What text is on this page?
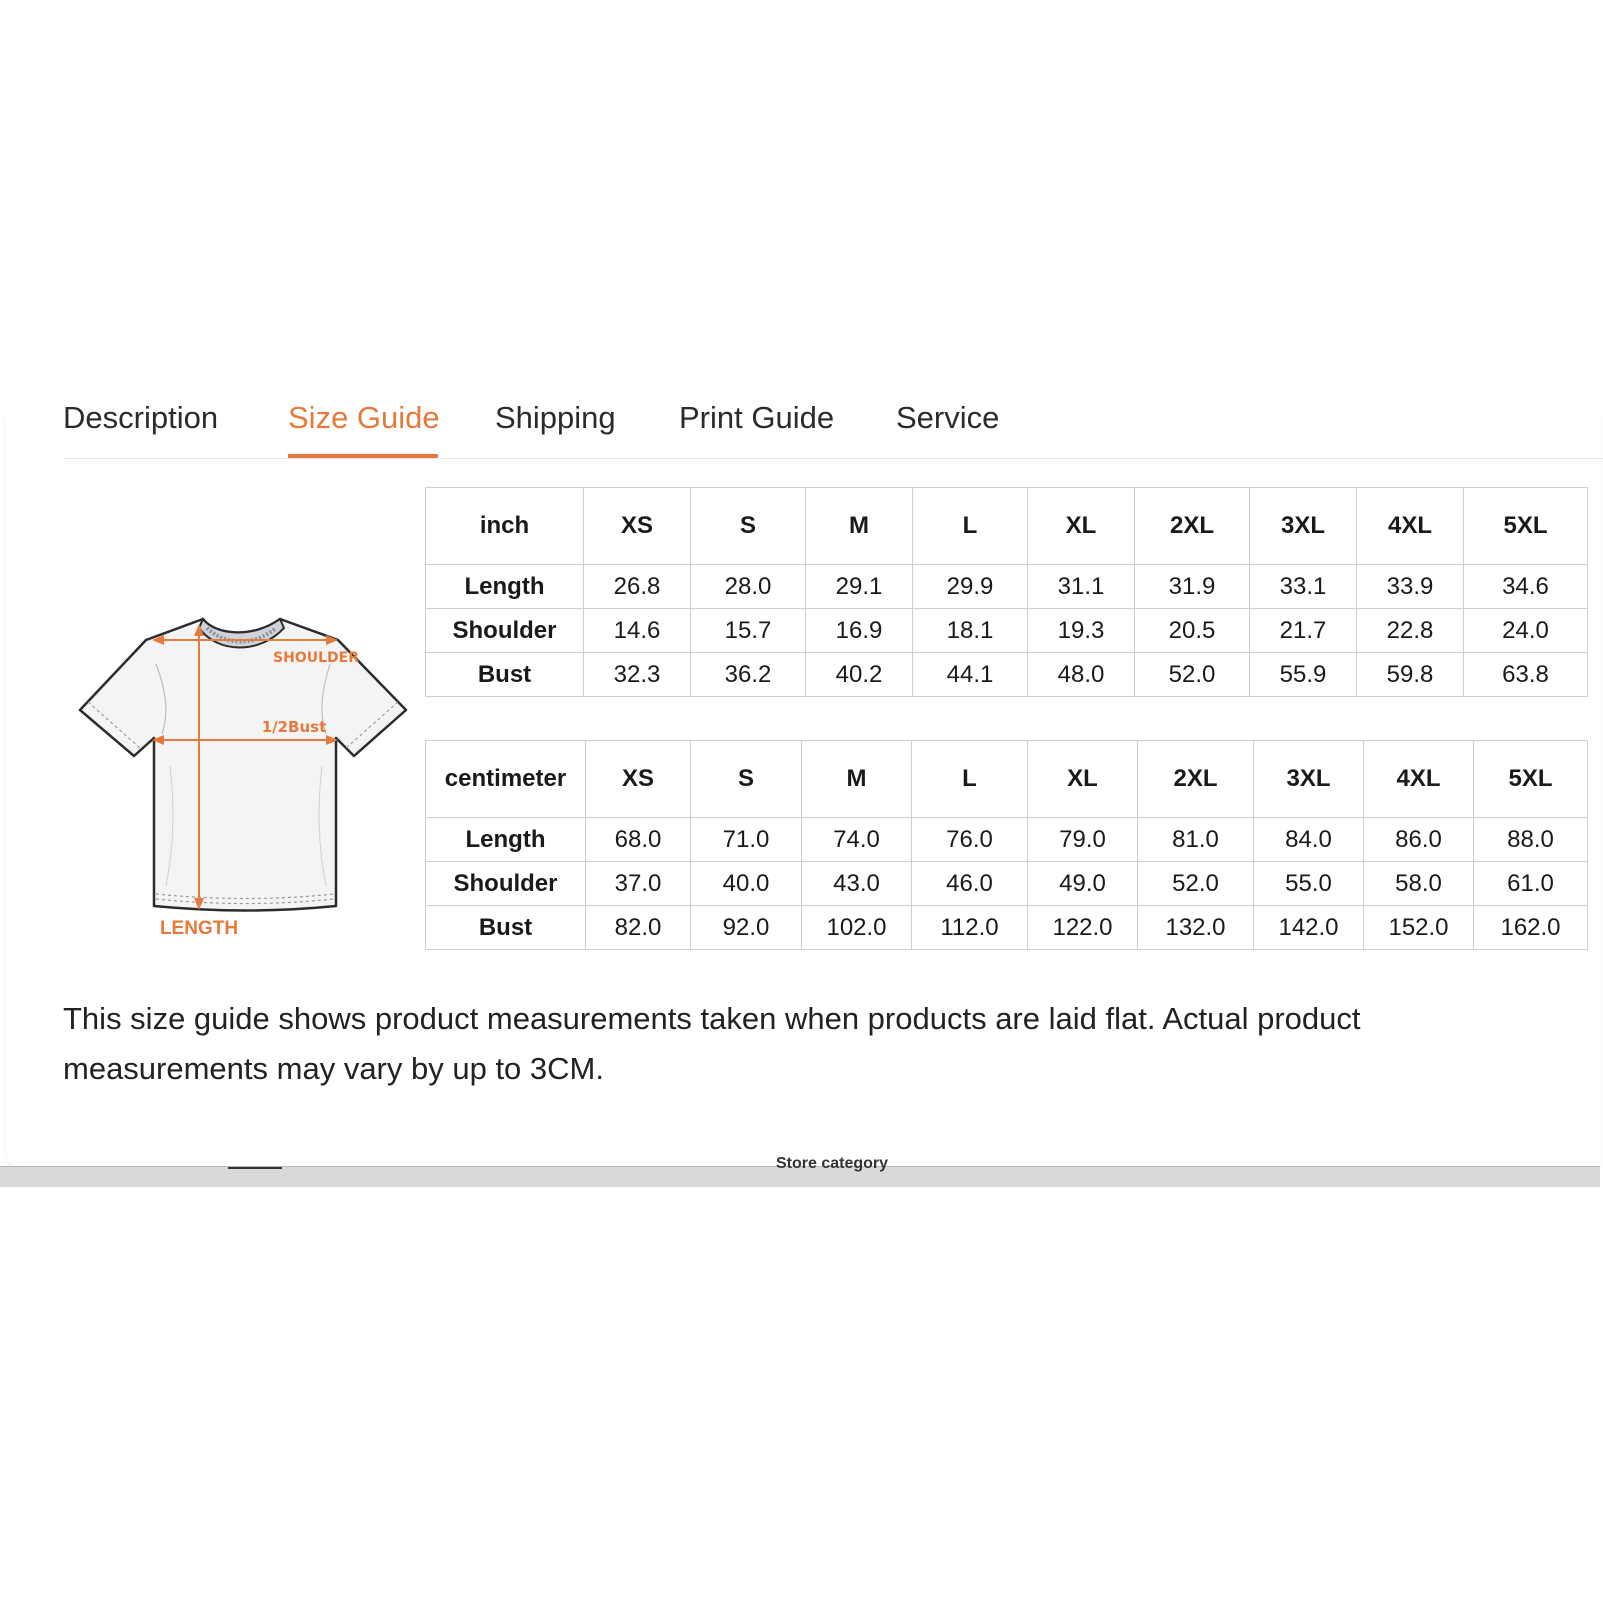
Description Size Guide Shipping Print Guide Service
SHOULDER
1/2Bust
LENGTH
inch	XS	S	M	L	XL	2XL	3XL	4XL	5XL
Length	26.8	28.0	29.1	29.9	31.1	31.9	33.1	33.9	34.6
Shoulder	14.6	15.7	16.9	18.1	19.3	20.5	21.7	22.8	24.0
Bust	32.3	36.2	40.2	44.1	48.0	52.0	55.9	59.8	63.8
centimeter	XS	S	M	L	XL	2XL	3XL	4XL	5XL
Length	68.0	71.0	74.0	76.0	79.0	81.0	84.0	86.0	88.0
Shoulder	37.0	40.0	43.0	46.0	49.0	52.0	55.0	58.0	61.0
Bust	82.0	92.0	102.0	112.0	122.0	132.0	142.0	152.0	162.0
This size guide shows product measurements taken when products are laid flat. Actual product measurements may vary by up to 3CM.
Store category
